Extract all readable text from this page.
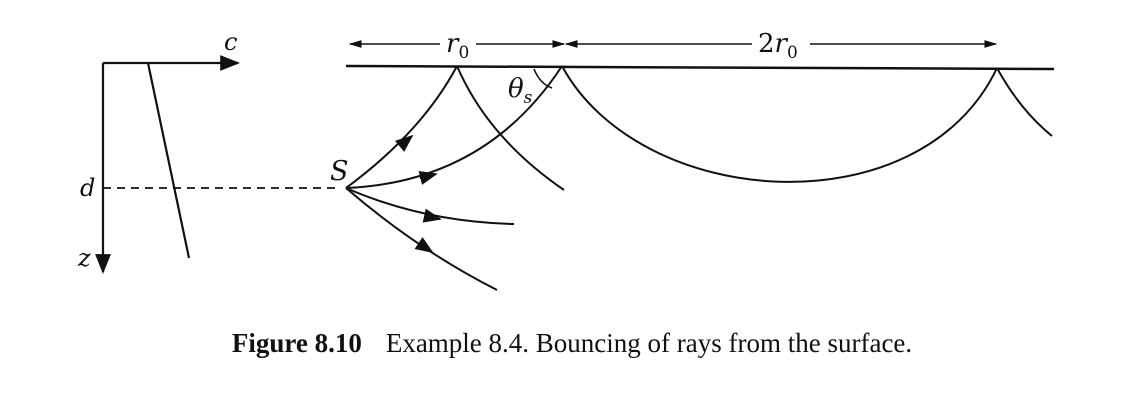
c
d
z
$r_0$	$2r_0$
S
$\theta_s$
Figure 8.10 Example 8.4. Bouncing of rays from the surface.
